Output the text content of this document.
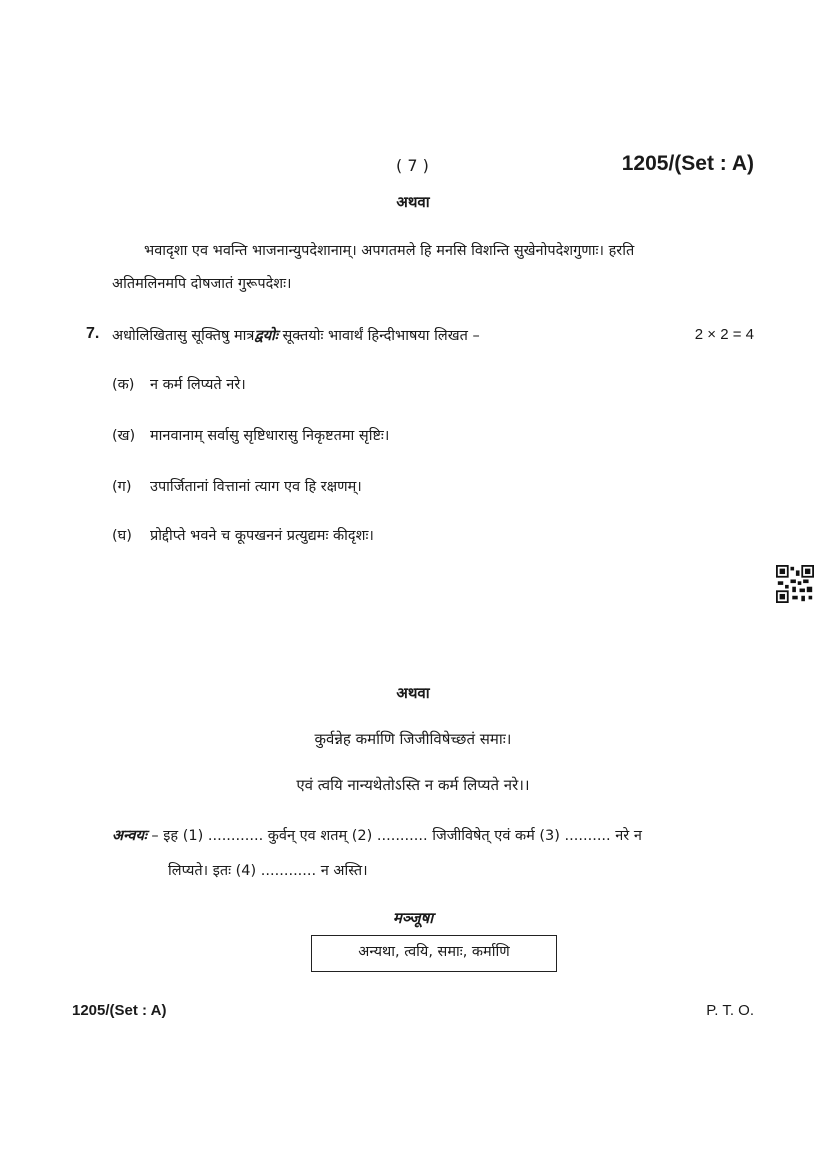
( 7 )	1205/(Set : A)
अथवा
भवादृशा एव भवन्ति भाजनान्युपदेशानाम्। अपगतमले हि मनसि विशन्ति सुखेनोपदेशगुणाः। हरति
अतिमलिनमपि दोषजातं गुरूपदेशः।
7. अधोलिखितासु सूक्तिषु मात्रद्वयोः सूक्तयोः भावार्थं हिन्दीभाषया लिखत –	2 × 2 = 4
(क) न कर्म लिप्यते नरे।
(ख) मानवानाम् सर्वासु सृष्टिधारासु निकृष्टतमा सृष्टिः।
(ग) उपार्जितानां वित्तानां त्याग एव हि रक्षणम्।
(घ) प्रोद्दीप्ते भवने च कूपखननं प्रत्युद्यमः कीदृशः।
अथवा
कुर्वन्नेह कर्माणि जिजीविषेच्छतं समाः।
एवं त्वयि नान्यथेतोऽस्ति न कर्म लिप्यते नरे।।
अन्वयः – इह (1) ............ कुर्वन् एव शतम् (2) ........... जिजीविषेत् एवं कर्म (3) .......... नरे न
लिप्यते। इतः (4) ............ न अस्ति।
मञ्जूषा
अन्यथा, त्वयि, समाः, कर्माणि
1205/(Set : A)	P. T. O.
